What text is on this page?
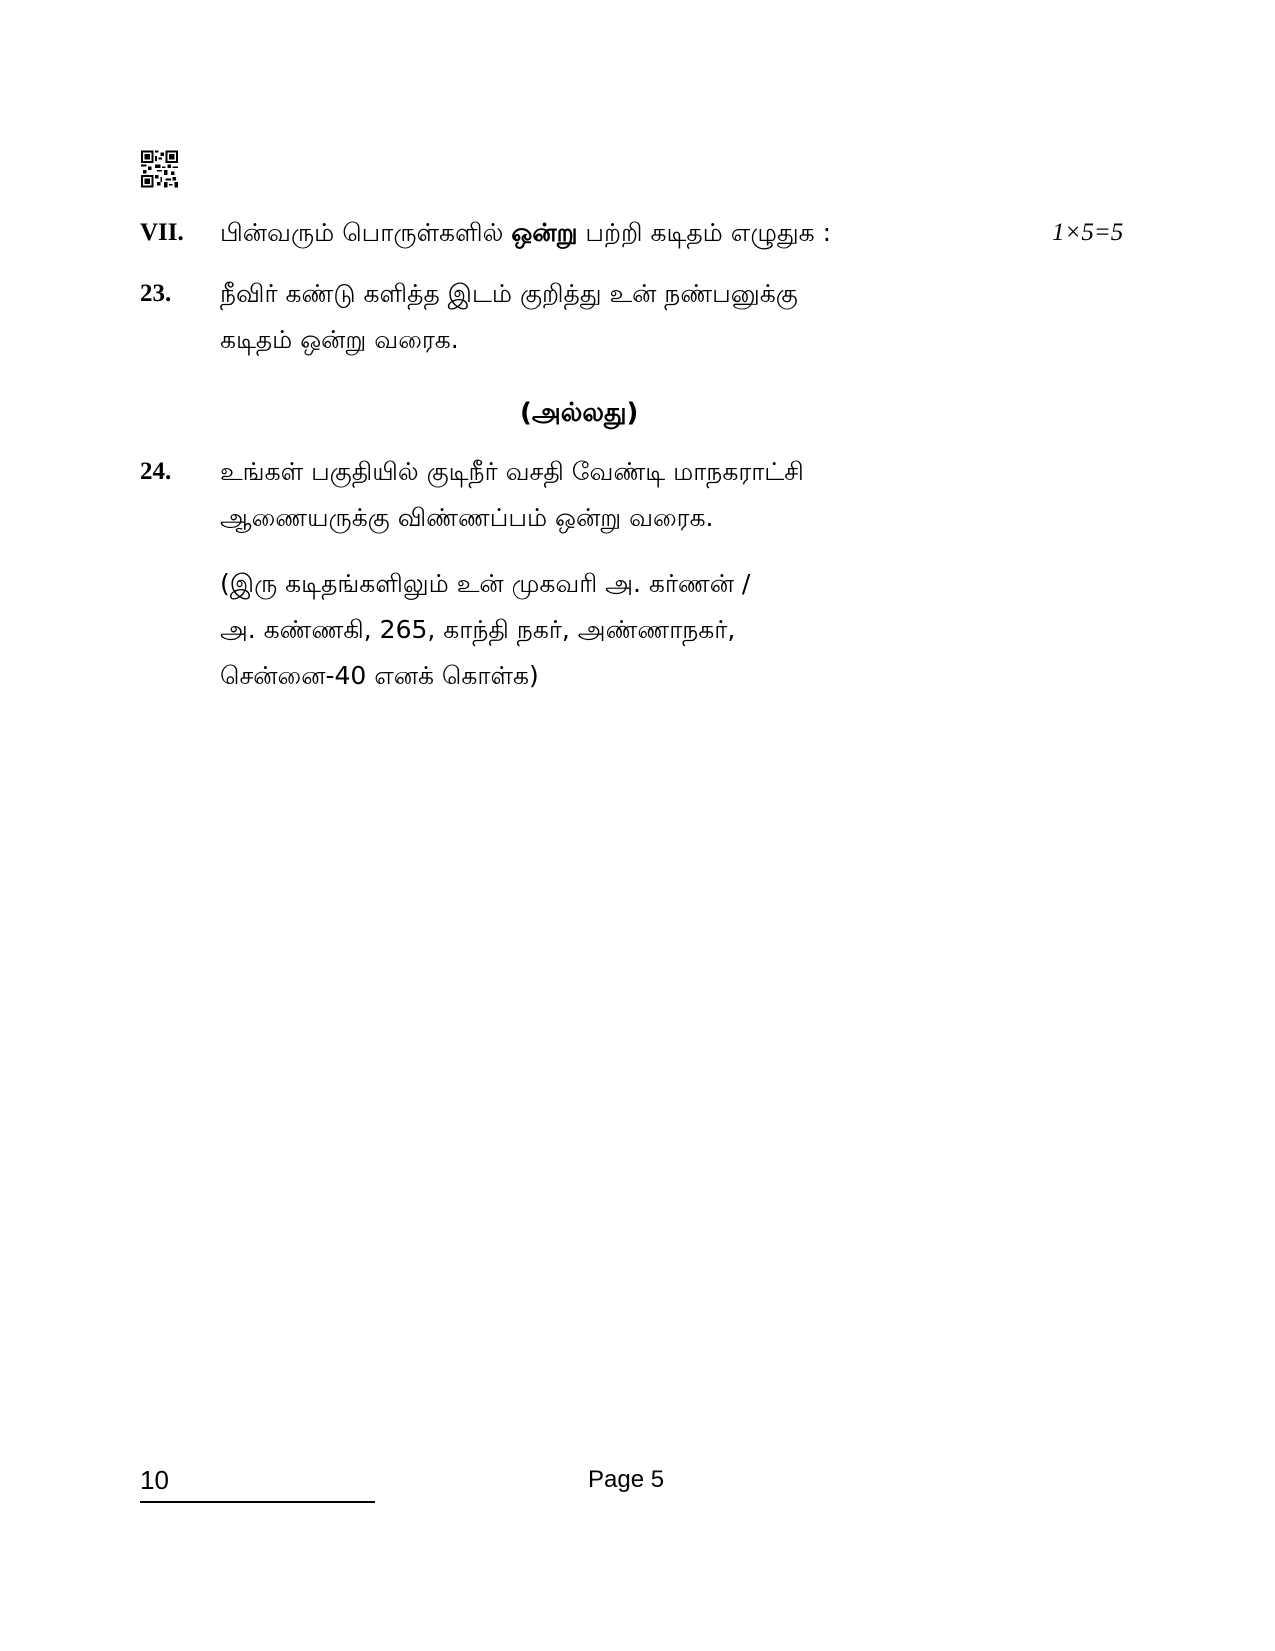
VII. பின்வரும் பொருள்களில் ஒன்று பற்றி கடிதம் எழுதுக :	1×5=5
23. நீவிர் கண்டு களித்த இடம் குறித்து உன் நண்பனுக்கு
கடிதம் ஒன்று வரைக.
(அல்லது)
24. உங்கள் பகுதியில் குடிநீர் வசதி வேண்டி மாநகராட்சி
ஆணையருக்கு விண்ணப்பம் ஒன்று வரைக.
(இரு கடிதங்களிலும் உன் முகவரி அ. கர்ணன் /
அ. கண்ணகி, 265, காந்தி நகர், அண்ணாநகர்,
சென்னை-40 எனக் கொள்க)
10	Page 5
